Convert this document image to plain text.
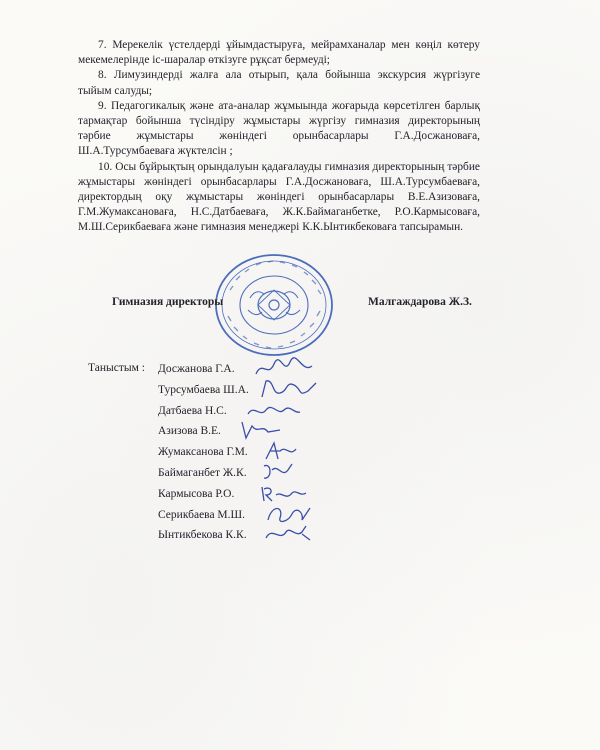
7. Мерекелік үстелдерді ұйымдастыруға, мейрамханалар мен көңіл көтеру мекемелерінде іс-шаралар өткізуге рұқсат бермеуді;

8. Лимузиндерді жалға ала отырып, қала бойынша экскурсия жүргізуге тыйым салуды;

9. Педагогикалық және ата-аналар жұмыында жоғарыда көрсетілген барлық тармақтар бойынша түсіндіру жұмыстары жүргізу гимназия директорының тәрбие жұмыстары жөніндегі орынбасарлары Г.А.Досжановаға, Ш.А.Турсумбаеваға жүктелсін ;

10. Осы бұйрықтың орындалуын қадағалауды гимназия директорының тәрбие жұмыстары жөніндегі орынбасарлары Г.А.Досжановаға, Ш.А.Турсумбаеваға, директордың оқу жұмыстары жөніндегі орынбасарлары В.Е.Азизоваға, Г.М.Жумаксановаға, Н.С.Датбаеваға, Ж.К.Баймаганбетке, Р.О.Кармысоваға, М.Ш.Серикбаеваға және гимназия менеджері К.К.Ынтикбековаға тапсырамын.

Гимназия директоры	Малгаждарова Ж.З.
Таныстым : Досжанова Г.А.
Турсумбаева Ш.А.
Датбаева Н.С.
Азизова В.Е.
Жумаксанова Г.М.
Баймаганбет Ж.К.
Кармысова Р.О.
Серикбаева М.Ш.
Ынтикбекова К.К.
